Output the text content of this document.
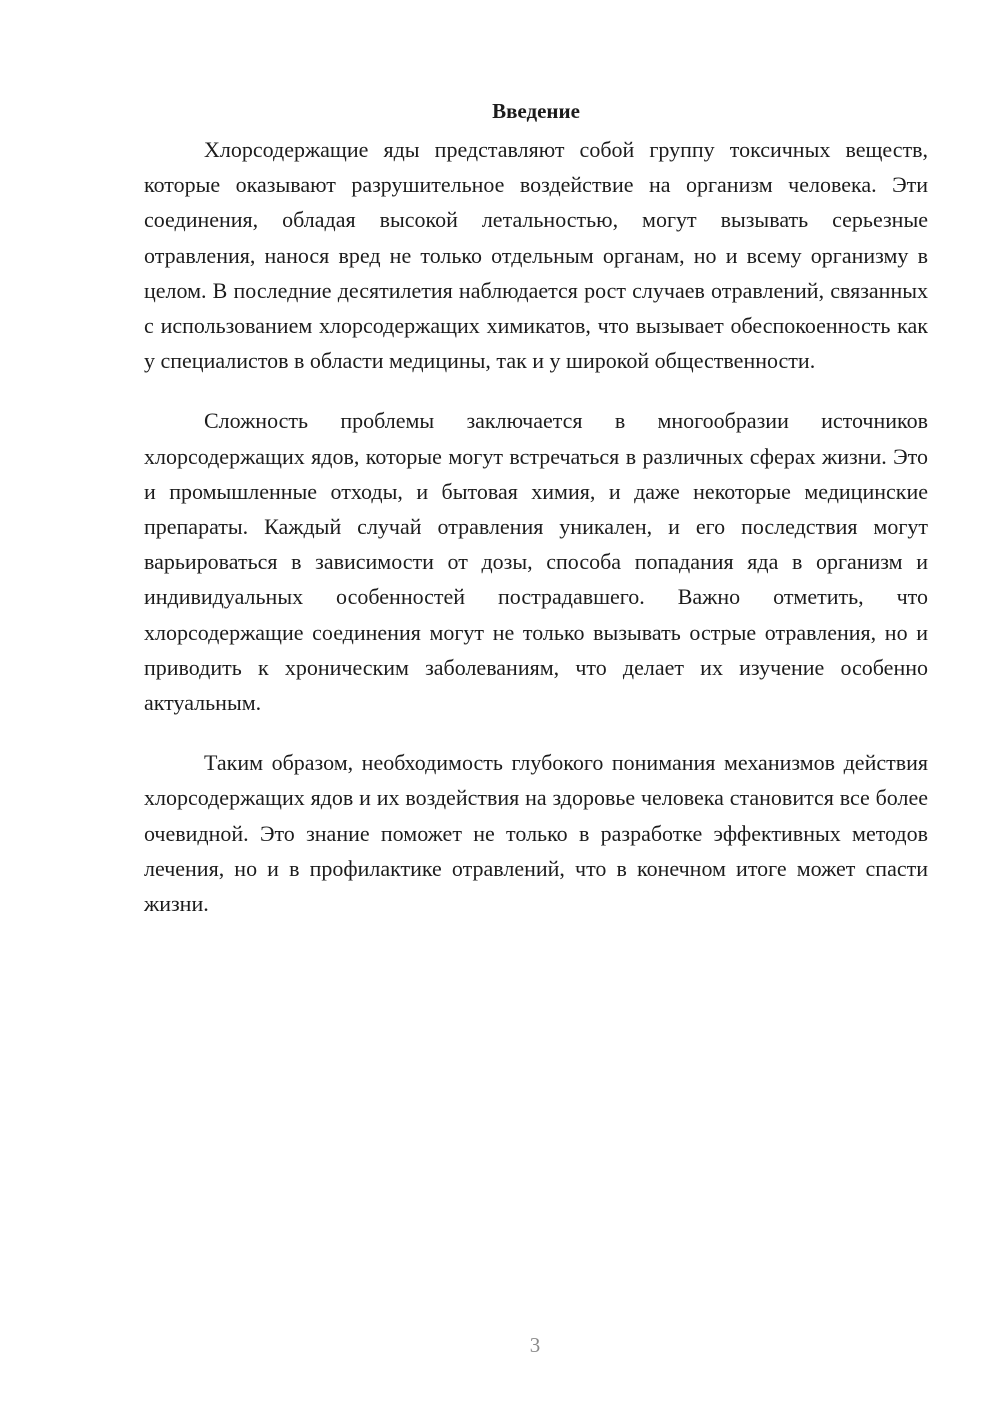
Введение

Хлорсодержащие яды представляют собой группу токсичных веществ, которые оказывают разрушительное воздействие на организм человека. Эти соединения, обладая высокой летальностью, могут вызывать серьезные отравления, нанося вред не только отдельным органам, но и всему организму в целом. В последние десятилетия наблюдается рост случаев отравлений, связанных с использованием хлорсодержащих химикатов, что вызывает обеспокоенность как у специалистов в области медицины, так и у широкой общественности.

Сложность проблемы заключается в многообразии источников хлорсодержащих ядов, которые могут встречаться в различных сферах жизни. Это и промышленные отходы, и бытовая химия, и даже некоторые медицинские препараты. Каждый случай отравления уникален, и его последствия могут варьироваться в зависимости от дозы, способа попадания яда в организм и индивидуальных особенностей пострадавшего. Важно отметить, что хлорсодержащие соединения могут не только вызывать острые отравления, но и приводить к хроническим заболеваниям, что делает их изучение особенно актуальным.

Таким образом, необходимость глубокого понимания механизмов действия хлорсодержащих ядов и их воздействия на здоровье человека становится все более очевидной. Это знание поможет не только в разработке эффективных методов лечения, но и в профилактике отравлений, что в конечном итоге может спасти жизни.

3
